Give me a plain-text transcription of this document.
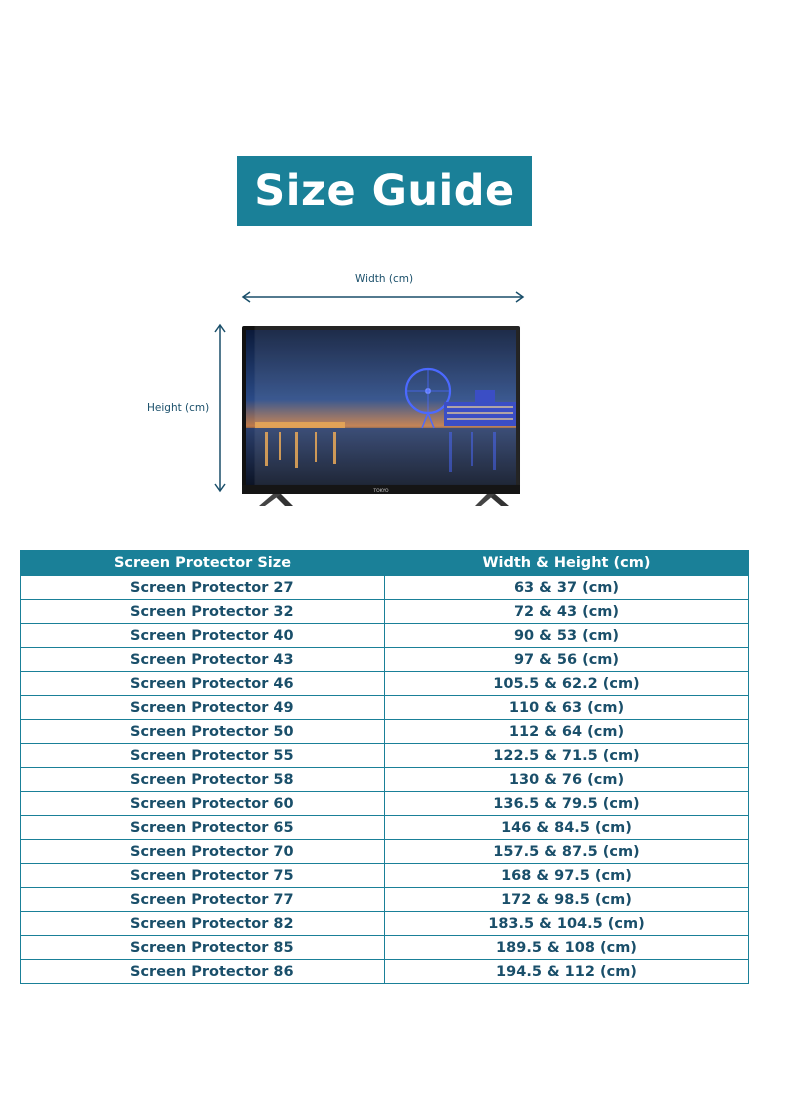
Size Guide
Width (cm)
Height (cm)
TOKYO
Screen Protector Size	Width & Height (cm)
Screen Protector 27	63 & 37 (cm)
Screen Protector 32	72 & 43 (cm)
Screen Protector 40	90 & 53 (cm)
Screen Protector 43	97 & 56 (cm)
Screen Protector 46	105.5 & 62.2 (cm)
Screen Protector 49	110 & 63 (cm)
Screen Protector 50	112 & 64 (cm)
Screen Protector 55	122.5 & 71.5 (cm)
Screen Protector 58	130 & 76 (cm)
Screen Protector 60	136.5 & 79.5 (cm)
Screen Protector 65	146 & 84.5 (cm)
Screen Protector 70	157.5 & 87.5 (cm)
Screen Protector 75	168 & 97.5 (cm)
Screen Protector 77	172 & 98.5 (cm)
Screen Protector 82	183.5 & 104.5 (cm)
Screen Protector 85	189.5 & 108 (cm)
Screen Protector 86	194.5 & 112 (cm)
